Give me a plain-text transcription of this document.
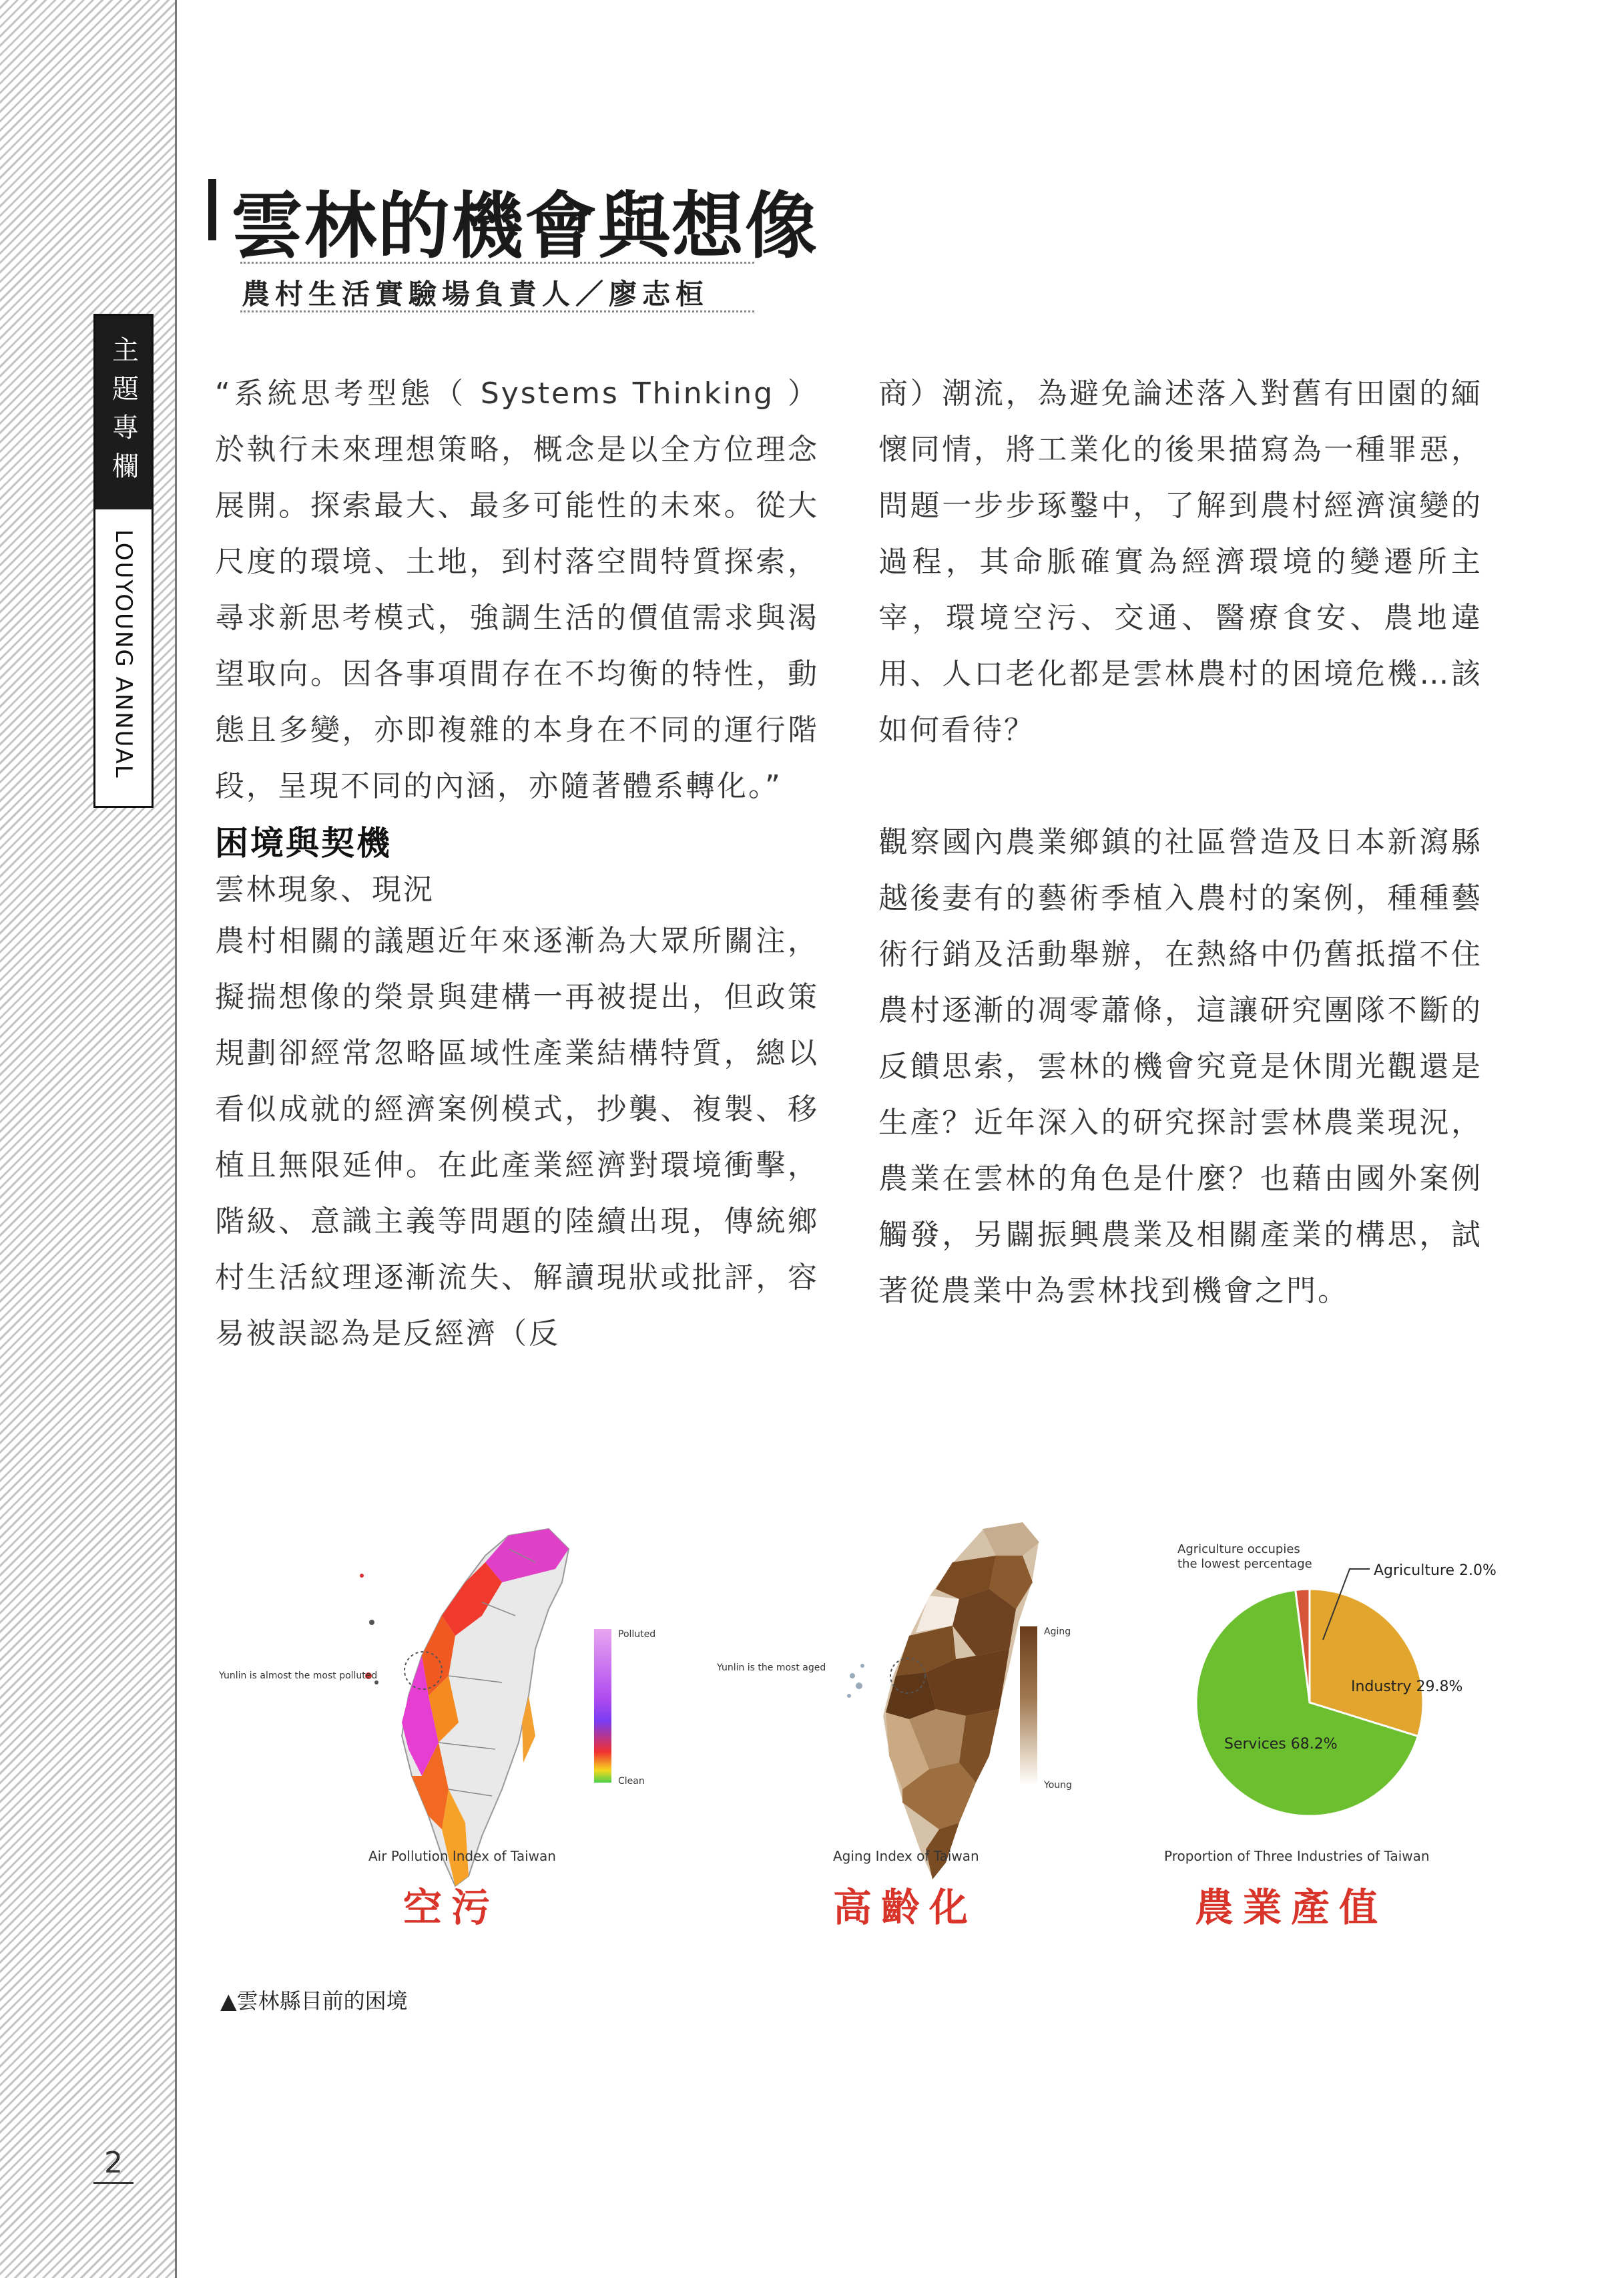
主題專欄
LOUYOUNG ANNUAL
2
雲林的機會與想像
農村生活實驗場負責人／廖志桓

“系統思考型態（ Systems Thinking ） 於執行未來理想策略，概念是以全方位理念展開。探索最大、最多可能性的未來。從大尺度的環境、土地，到村落空間特質探索，尋求新思考模式，強調生活的價值需求與渴望取向。因各事項間存在不均衡的特性，動態且多變，亦即複雜的本身在不同的運行階段，呈現不同的內涵，亦隨著體系轉化。”

困境與契機
雲林現象、現況

農村相關的議題近年來逐漸為大眾所關注，擬揣想像的榮景與建構一再被提出，但政策規劃卻經常忽略區域性產業結構特質，總以看似成就的經濟案例模式，抄襲、複製、移植且無限延伸。在此產業經濟對環境衝擊，階級、意識主義等問題的陸續出現，傳統鄉村生活紋理逐漸流失、解讀現狀或批評，容易被誤認為是反經濟（反

商）潮流，為避免論述落入對舊有田園的緬懷同情，將工業化的後果描寫為一種罪惡，問題一步步琢鑿中，了解到農村經濟演變的過程，其命脈確實為經濟環境的變遷所主宰，環境空污、交通、醫療食安、農地違用、人口老化都是雲林農村的困境危機…該如何看待？

觀察國內農業鄉鎮的社區營造及日本新瀉縣越後妻有的藝術季植入農村的案例，種種藝術行銷及活動舉辦，在熱絡中仍舊抵擋不住農村逐漸的凋零蕭條，這讓研究團隊不斷的反饋思索，雲林的機會究竟是休閒光觀還是生產？近年深入的研究探討雲林農業現況，農業在雲林的角色是什麼？也藉由國外案例觸發，另闢振興農業及相關產業的構思，試著從農業中為雲林找到機會之門。

Yunlin is almost the most polluted
Polluted
Clean
Air Pollution Index of Taiwan
空污
Yunlin is the most aged
Aging
Young
Aging Index of Taiwan
高齡化
Agriculture occupies
the lowest percentage	Agriculture 2.0%
Industry 29.8%
Services 68.2%
Proportion of Three Industries of Taiwan
農業產值
▲雲林縣目前的困境
